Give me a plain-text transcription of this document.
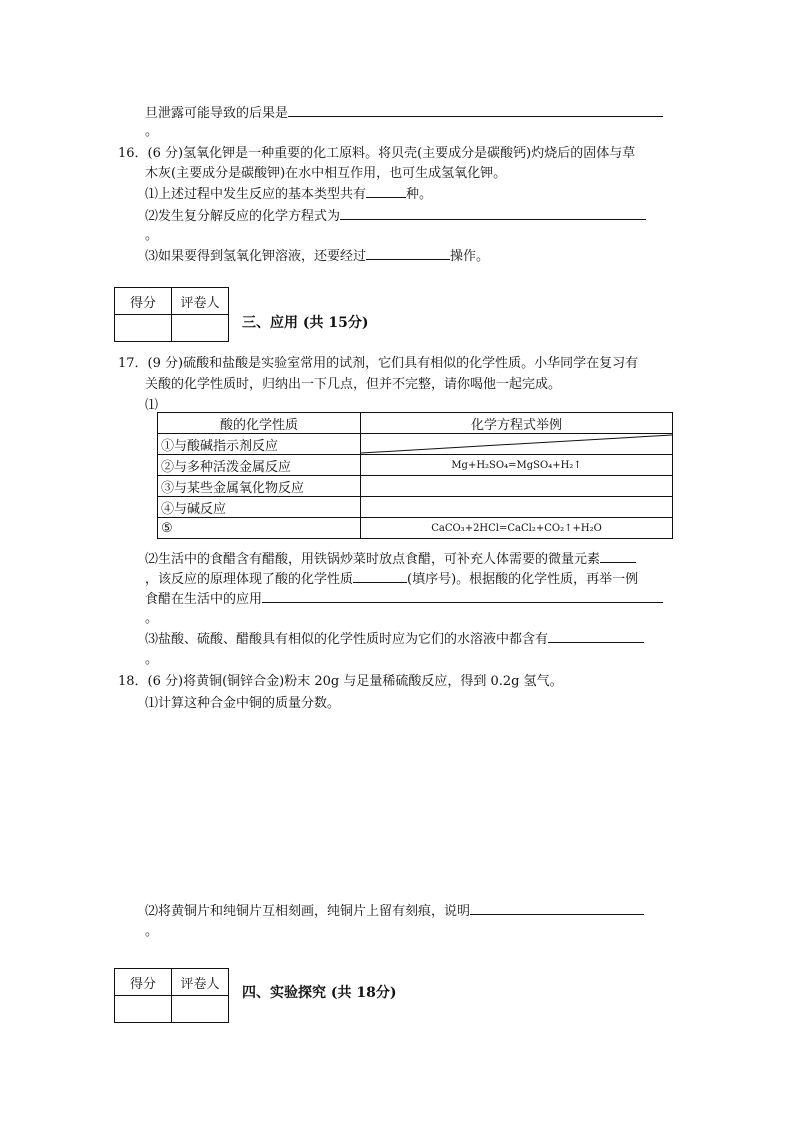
旦泄露可能导致的后果是
。
16．(6 分)氢氧化钾是一种重要的化工原料。将贝壳(主要成分是碳酸钙)灼烧后的固体与草
木灰(主要成分是碳酸钾)在水中相互作用，也可生成氢氧化钾。
⑴上述过程中发生反应的基本类型共有	种。
⑵发生复分解反应的化学方程式为
。
⑶如果要得到氢氧化钾溶液，还要经过	操作。
得分	评卷人

三、应用 (共 15分)
17．(9 分)硫酸和盐酸是实验室常用的试剂，它们具有相似的化学性质。小华同学在复习有
关酸的化学性质时，归纳出一下几点，但并不完整，请你喝他一起完成。
⑴
酸的化学性质	化学方程式举例
①与酸碱指示剂反应	

②与多种活泼金属反应	Mg+H₂SO₄=MgSO₄+H₂↑
③与某些金属氧化物反应	
④与碱反应	
⑤	CaCO₃+2HCl=CaCl₂+CO₂↑+H₂O
⑵生活中的食醋含有醋酸，用铁锅炒菜时放点食醋，可补充人体需要的微量元素
，该反应的原理体现了酸的化学性质	(填序号)。根据酸的化学性质，再举一例
食醋在生活中的应用
。
⑶盐酸、硫酸、醋酸具有相似的化学性质时应为它们的水溶液中都含有
。
18．(6 分)将黄铜(铜锌合金)粉末 20g 与足量稀硫酸反应，得到 0.2g 氢气。
⑴计算这种合金中铜的质量分数。
⑵将黄铜片和纯铜片互相刻画，纯铜片上留有刻痕，说明
。
得分	评卷人

四、实验探究 (共 18分)
